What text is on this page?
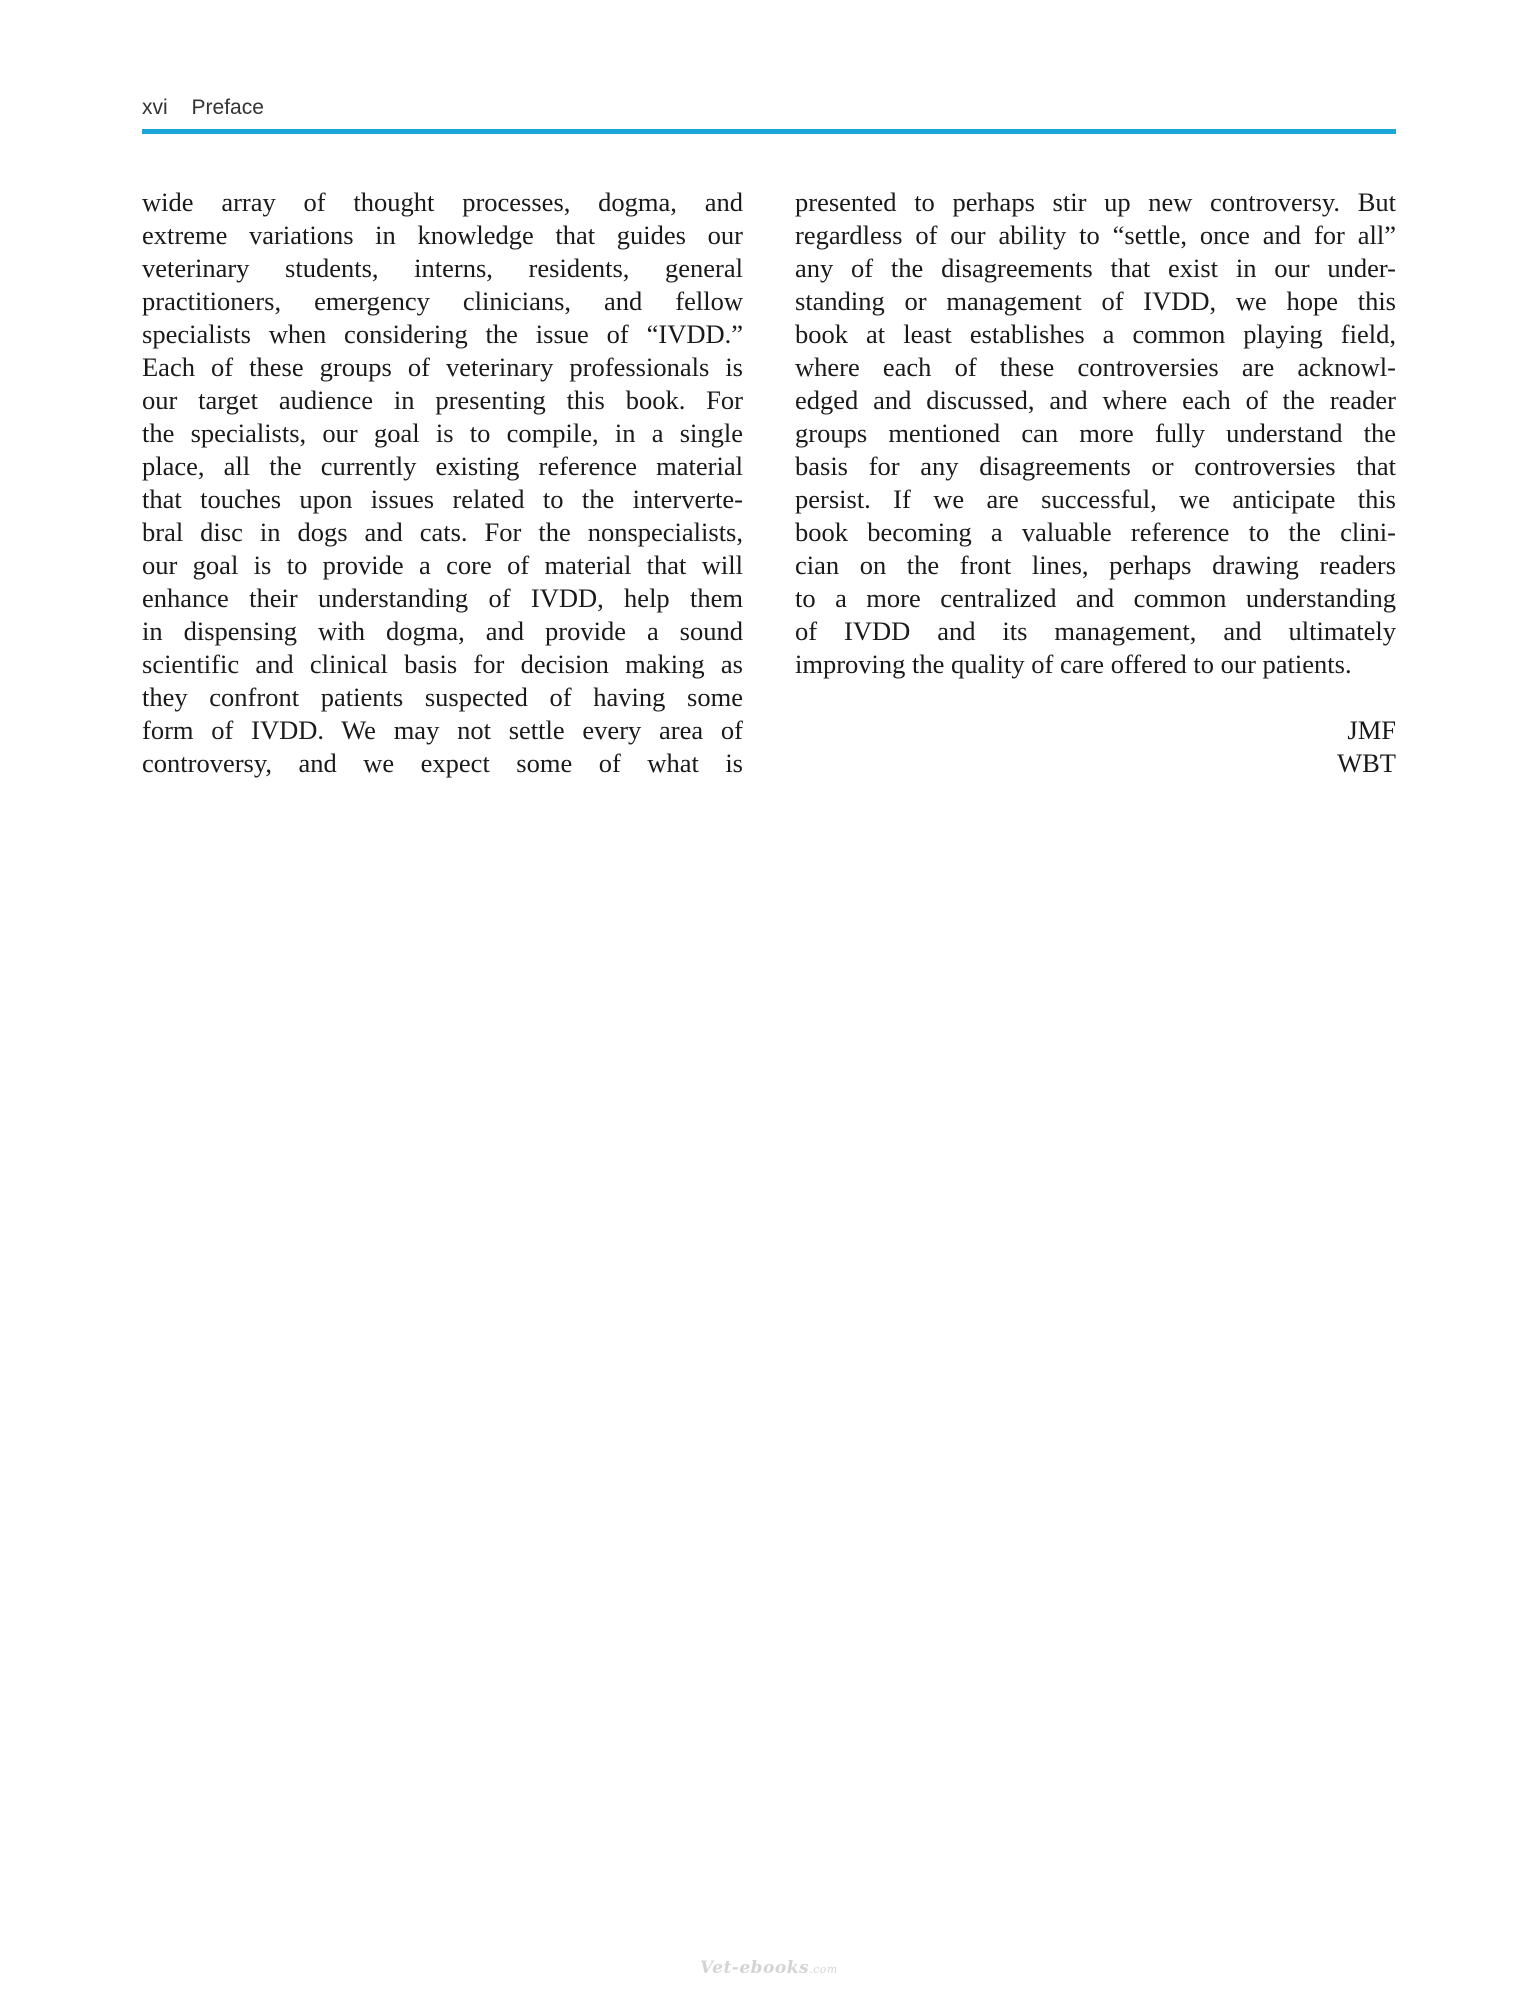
xvi Preface
wide array of thought processes, dogma, and
extreme variations in knowledge that guides our
veterinary students, interns, residents, general
practitioners, emergency clinicians, and fellow
specialists when considering the issue of “IVDD.”
Each of these groups of veterinary professionals is
our target audience in presenting this book. For
the specialists, our goal is to compile, in a single
place, all the currently existing reference material
that touches upon issues related to the interverte-
bral disc in dogs and cats. For the nonspecialists,
our goal is to provide a core of material that will
enhance their understanding of IVDD, help them
in dispensing with dogma, and provide a sound
scientific and clinical basis for decision making as
they confront patients suspected of having some
form of IVDD. We may not settle every area of
controversy, and we expect some of what is
presented to perhaps stir up new controversy. But
regardless of our ability to “settle, once and for all”
any of the disagreements that exist in our under-
standing or management of IVDD, we hope this
book at least establishes a common playing field,
where each of these controversies are acknowl-
edged and discussed, and where each of the reader
groups mentioned can more fully understand the
basis for any disagreements or controversies that
persist. If we are successful, we anticipate this
book becoming a valuable reference to the clini-
cian on the front lines, perhaps drawing readers
to a more centralized and common understanding
of IVDD and its management, and ultimately
improving the quality of care offered to our patients.
JMF
WBT
Vet-ebooks.com
